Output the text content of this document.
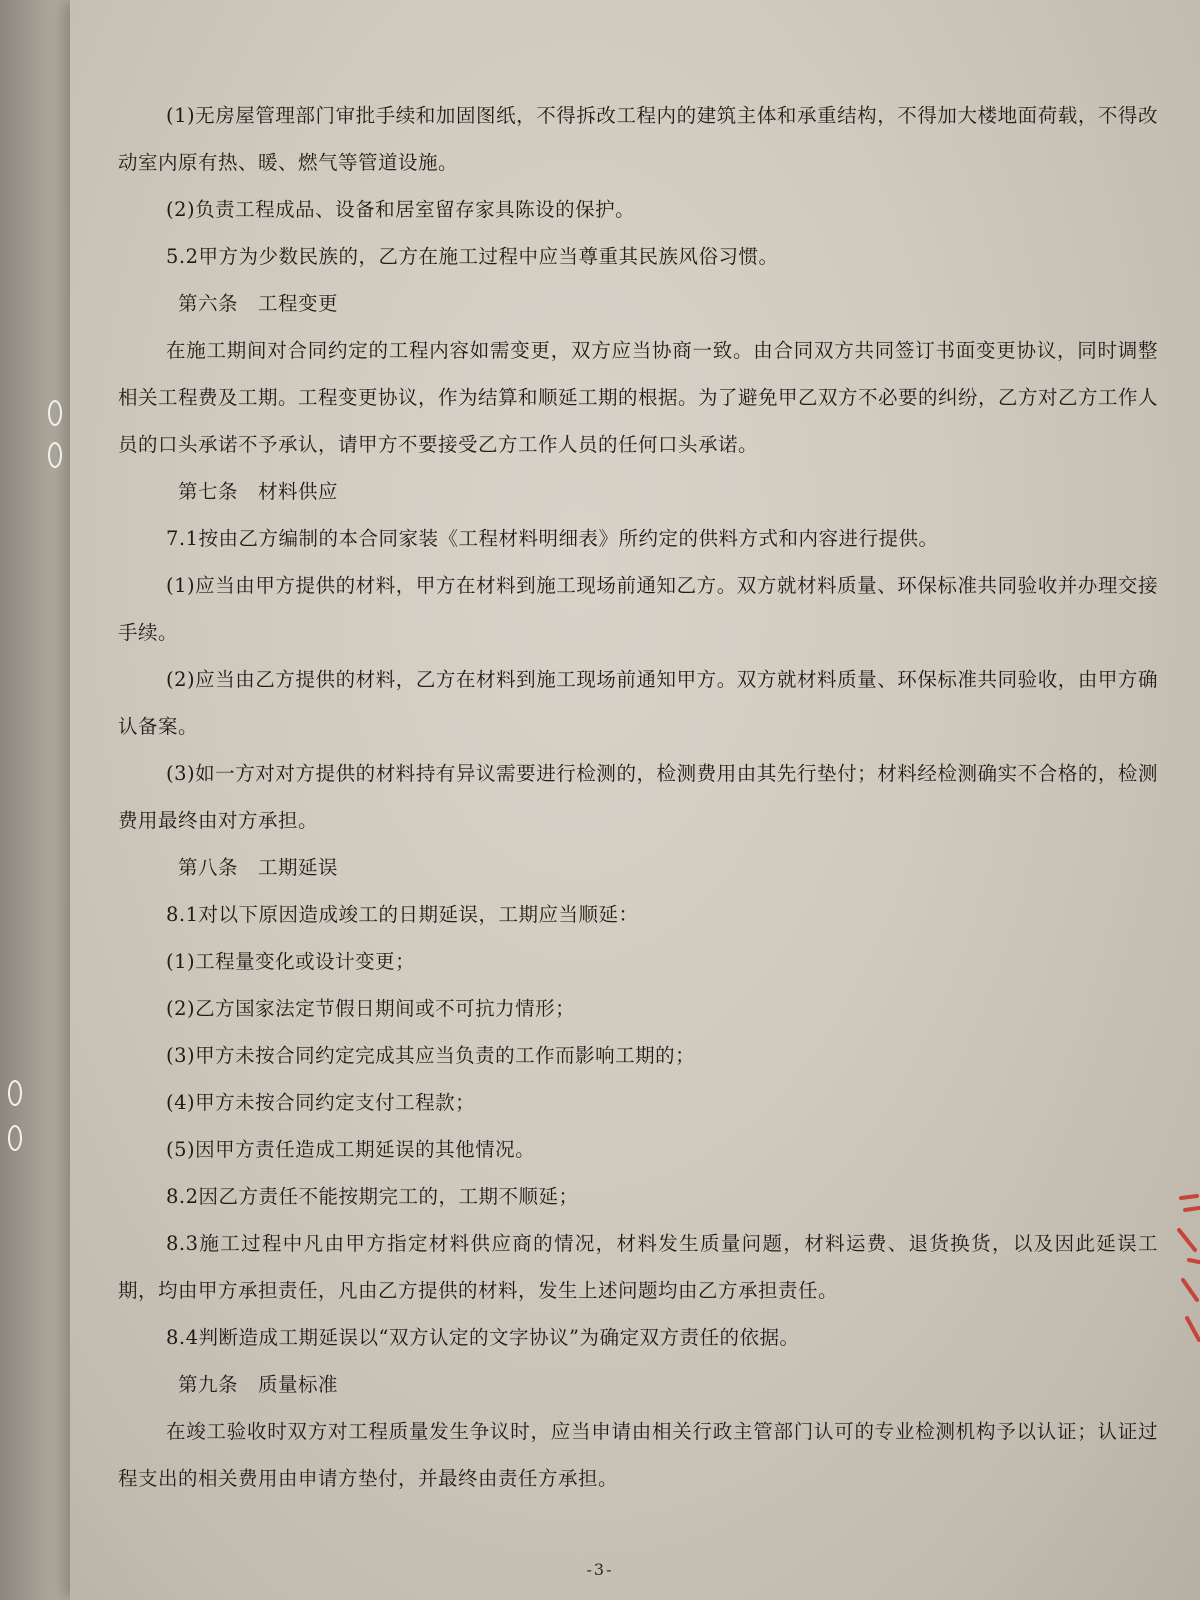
(1)无房屋管理部门审批手续和加固图纸，不得拆改工程内的建筑主体和承重结构，不得加大楼地面荷载，不得改动室内原有热、暖、燃气等管道设施。

(2)负责工程成品、设备和居室留存家具陈设的保护。

5.2甲方为少数民族的，乙方在施工过程中应当尊重其民族风俗习惯。

第六条　工程变更

在施工期间对合同约定的工程内容如需变更，双方应当协商一致。由合同双方共同签订书面变更协议，同时调整相关工程费及工期。工程变更协议，作为结算和顺延工期的根据。为了避免甲乙双方不必要的纠纷，乙方对乙方工作人员的口头承诺不予承认，请甲方不要接受乙方工作人员的任何口头承诺。

第七条　材料供应

7.1按由乙方编制的本合同家装《工程材料明细表》所约定的供料方式和内容进行提供。

(1)应当由甲方提供的材料，甲方在材料到施工现场前通知乙方。双方就材料质量、环保标准共同验收并办理交接手续。

(2)应当由乙方提供的材料，乙方在材料到施工现场前通知甲方。双方就材料质量、环保标准共同验收，由甲方确认备案。

(3)如一方对对方提供的材料持有异议需要进行检测的，检测费用由其先行垫付；材料经检测确实不合格的，检测费用最终由对方承担。

第八条　工期延误

8.1对以下原因造成竣工的日期延误，工期应当顺延：

(1)工程量变化或设计变更；

(2)乙方国家法定节假日期间或不可抗力情形；

(3)甲方未按合同约定完成其应当负责的工作而影响工期的；

(4)甲方未按合同约定支付工程款；

(5)因甲方责任造成工期延误的其他情况。

8.2因乙方责任不能按期完工的，工期不顺延；

8.3施工过程中凡由甲方指定材料供应商的情况，材料发生质量问题，材料运费、退货换货，以及因此延误工期，均由甲方承担责任，凡由乙方提供的材料，发生上述问题均由乙方承担责任。

8.4判断造成工期延误以“双方认定的文字协议”为确定双方责任的依据。

第九条　质量标准

在竣工验收时双方对工程质量发生争议时，应当申请由相关行政主管部门认可的专业检测机构予以认证；认证过程支出的相关费用由申请方垫付，并最终由责任方承担。

-3-
